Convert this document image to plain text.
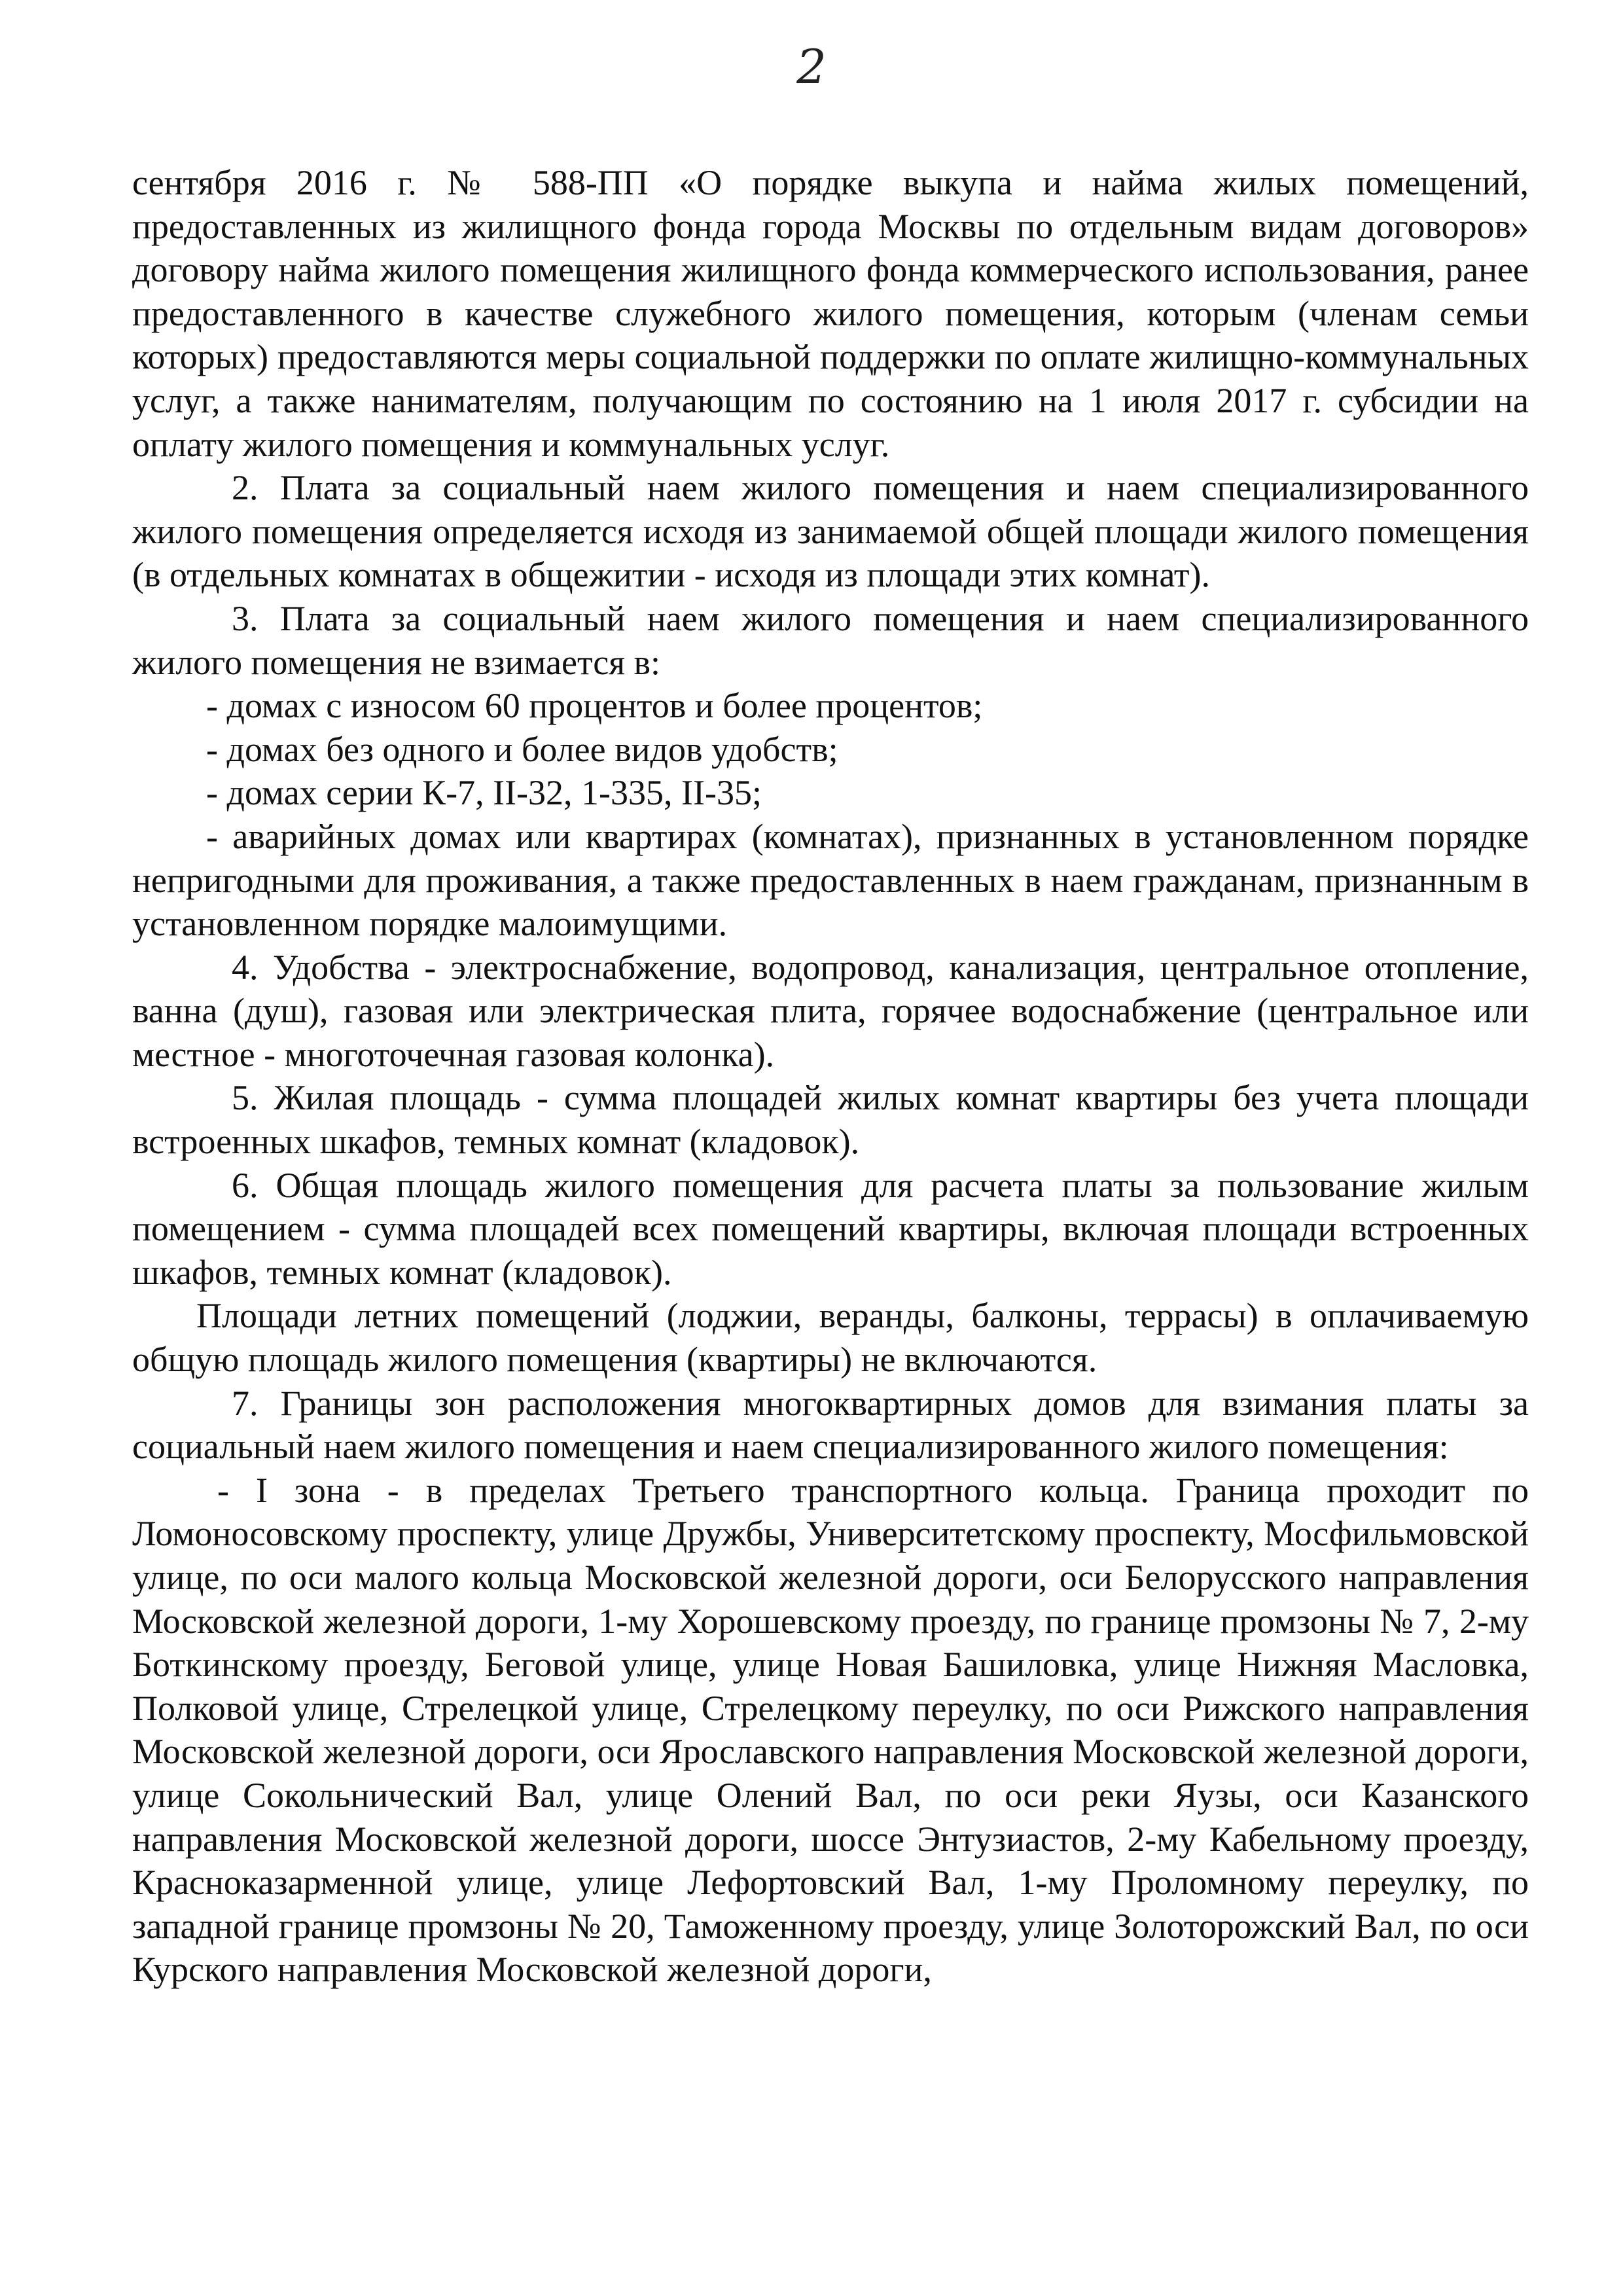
2

сентября 2016 г. № 588-ПП «О порядке выкупа и найма жилых помещений, предоставленных из жилищного фонда города Москвы по отдельным видам договоров» договору найма жилого помещения жилищного фонда коммерческого использования, ранее предоставленного в качестве служебного жилого помещения, которым (членам семьи которых) предоставляются меры социальной поддержки по оплате жилищно-коммунальных услуг, а также нанимателям, получающим по состоянию на 1 июля 2017 г. субсидии на оплату жилого помещения и коммунальных услуг.

2. Плата за социальный наем жилого помещения и наем специализированного жилого помещения определяется исходя из занимаемой общей площади жилого помещения (в отдельных комнатах в общежитии - исходя из площади этих комнат).

3. Плата за социальный наем жилого помещения и наем специализированного жилого помещения не взимается в:

- домах с износом 60 процентов и более процентов;

- домах без одного и более видов удобств;

- домах серии К-7, II-32, 1-335, II-35;

- аварийных домах или квартирах (комнатах), признанных в установленном порядке непригодными для проживания, а также предоставленных в наем гражданам, признанным в установленном порядке малоимущими.

4. Удобства - электроснабжение, водопровод, канализация, центральное отопление, ванна (душ), газовая или электрическая плита, горячее водоснабжение (центральное или местное - многоточечная газовая колонка).

5. Жилая площадь - сумма площадей жилых комнат квартиры без учета площади встроенных шкафов, темных комнат (кладовок).

6. Общая площадь жилого помещения для расчета платы за пользование жилым помещением - сумма площадей всех помещений квартиры, включая площади встроенных шкафов, темных комнат (кладовок).

Площади летних помещений (лоджии, веранды, балконы, террасы) в оплачиваемую общую площадь жилого помещения (квартиры) не включаются.

7. Границы зон расположения многоквартирных домов для взимания платы за социальный наем жилого помещения и наем специализированного жилого помещения:

- I зона - в пределах Третьего транспортного кольца. Граница проходит по Ломоносовскому проспекту, улице Дружбы, Университетскому проспекту, Мосфильмовской улице, по оси малого кольца Московской железной дороги, оси Белорусского направления Московской железной дороги, 1-му Хорошевскому проезду, по границе промзоны № 7, 2-му Боткинскому проезду, Беговой улице, улице Новая Башиловка, улице Нижняя Масловка, Полковой улице, Стрелецкой улице, Стрелецкому переулку, по оси Рижского направления Московской железной дороги, оси Ярославского направления Московской железной дороги, улице Сокольнический Вал, улице Олений Вал, по оси реки Яузы, оси Казанского направления Московской железной дороги, шоссе Энтузиастов, 2-му Кабельному проезду, Красноказарменной улице, улице Лефортовский Вал, 1-му Проломному переулку, по западной границе промзоны № 20, Таможенному проезду, улице Золоторожский Вал, по оси Курского направления Московской железной дороги,
